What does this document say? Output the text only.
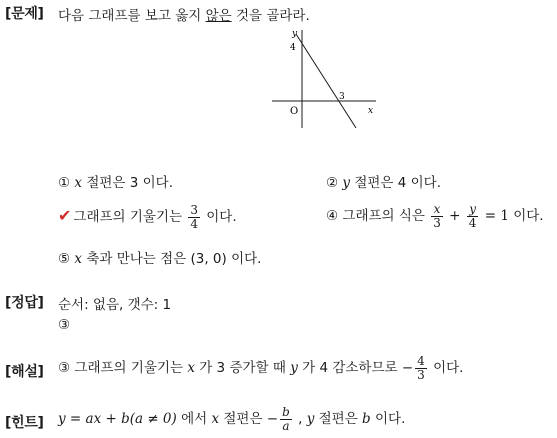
[문제] 다음 그래프를 보고 옳지 않은 것을 골라라.
y
x
O
4
3
① x 절편은 3 이다.	② y 절편은 4 이다.
✔ 그래프의 기울기는 $\frac{3}{4}$ 이다.	④ 그래프의 식은 $\frac{x}{3} + \frac{y}{4} = 1$ 이다.
⑤ x 축과 만나는 점은 (3, 0) 이다.
[정답] 순서: 없음, 갯수: 1
③
[해설] ③ 그래프의 기울기는 x 가 3 증가할 때 y 가 4 감소하므로 − $\frac{4}{3}$ 이다.
[힌트] y = ax + b(a ≠ 0) 에서 x 절편은 − $\frac{b}{a}$ , y 절편은 b 이다.
